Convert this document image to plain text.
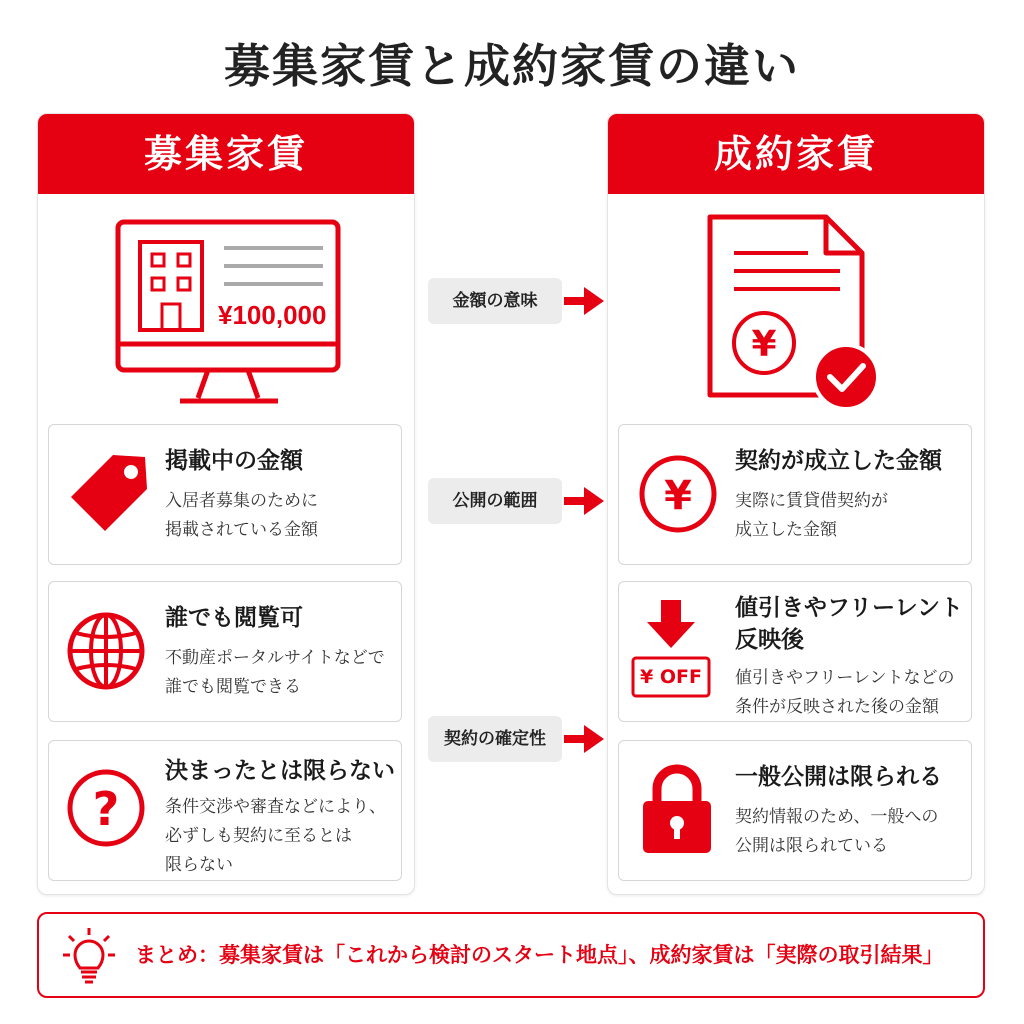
募集家賃と成約家賃の違い
募集家賃
¥100,000
掲載中の金額
入居者募集のために
掲載されている金額
誰でも閲覧可
不動産ポータルサイトなどで
誰でも閲覧できる
?
決まったとは限らない
条件交渉や審査などにより、
必ずしも契約に至るとは
限らない
金額の意味
公開の範囲
契約の確定性
成約家賃
¥
¥
契約が成立した金額
実際に賃貸借契約が
成立した金額
¥ OFF
値引きやフリーレント
反映後
値引きやフリーレントなどの
条件が反映された後の金額
一般公開は限られる
契約情報のため、一般への
公開は限られている
まとめ：募集家賃は「これから検討のスタート地点」、成約家賃は「実際の取引結果」
